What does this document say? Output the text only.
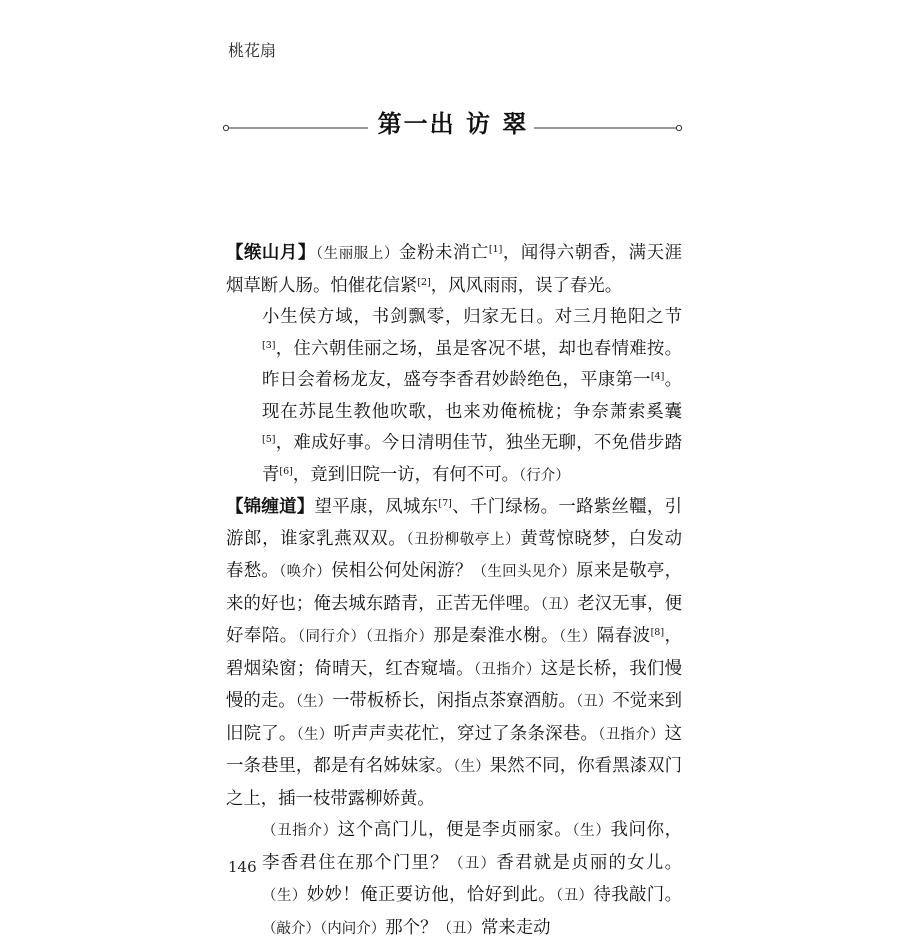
桃花扇
第一出 访 翠

【缑山月】（生丽服上）金粉未消亡[1]，闻得六朝香，满天涯烟草断人肠。怕催花信紧[2]，风风雨雨，误了春光。

小生侯方域，书剑飘零，归家无日。对三月艳阳之节[3]，住六朝佳丽之场，虽是客况不堪，却也春情难按。昨日会着杨龙友，盛夸李香君妙龄绝色，平康第一[4]。现在苏昆生教他吹歌，也来劝俺梳栊；争奈萧索奚囊[5]，难成好事。今日清明佳节，独坐无聊，不免借步踏青[6]，竟到旧院一访，有何不可。（行介）

【锦缠道】望平康，凤城东[7]、千门绿杨。一路紫丝韁，引游郎，谁家乳燕双双。（丑扮柳敬亭上）黄莺惊晓梦，白发动春愁。（唤介）侯相公何处闲游？（生回头见介）原来是敬亭，来的好也；俺去城东踏青，正苦无伴哩。（丑）老汉无事，便好奉陪。（同行介）（丑指介）那是秦淮水榭。（生）隔春波[8]，碧烟染窗；倚晴天，红杏窥墙。（丑指介）这是长桥，我们慢慢的走。（生）一带板桥长，闲指点茶寮酒舫。（丑）不觉来到旧院了。（生）听声声卖花忙，穿过了条条深巷。（丑指介）这一条巷里，都是有名姊妹家。（生）果然不同，你看黑漆双门之上，插一枝带露柳娇黄。

（丑指介）这个高门儿，便是李贞丽家。（生）我问你，李香君住在那个门里？（丑）香君就是贞丽的女儿。（生）妙妙！俺正要访他，恰好到此。（丑）待我敲门。（敲介）（内问介）那个？（丑）常来走动

146
